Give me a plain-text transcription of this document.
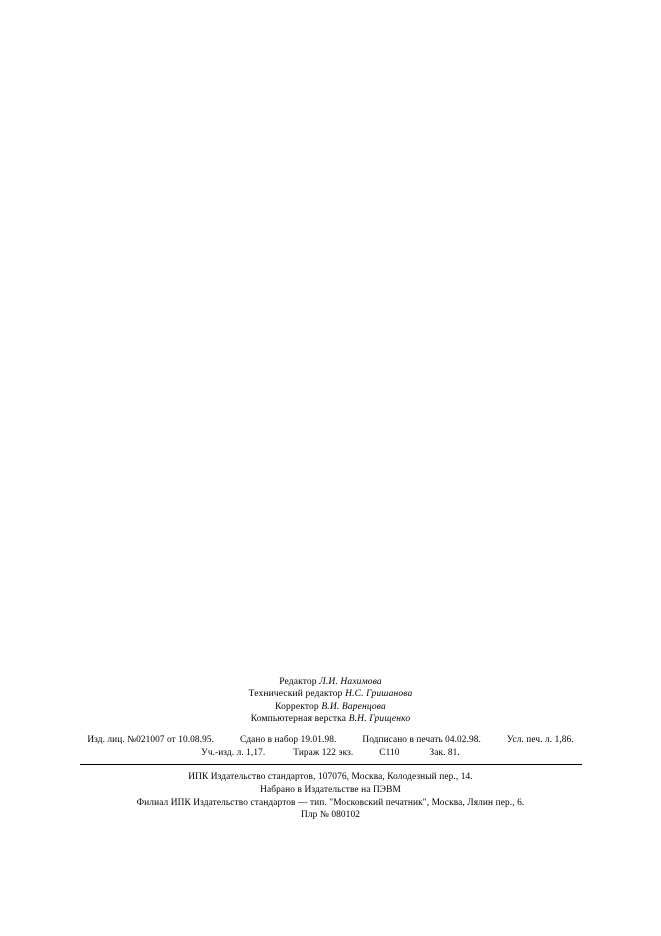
Редактор Л.И. Нахимова
Технический редактор Н.С. Гришанова
Корректор В.И. Варенцова
Компьютерная верстка В.Н. Грищенко
Изд. лиц. №021007 от 10.08.95.	Сдано в набор 19.01.98.	Подписано в печать 04.02.98.	Усл. печ. л. 1,86.
Уч.-изд. л. 1,17.	Тираж 122 экз.	С110	Зак. 81.
ИПК Издательство стандартов, 107076, Москва, Колодезный пер., 14.
Набрано в Издательстве на ПЭВМ
Филиал ИПК Издательство стандартов — тип. "Московский печатник", Москва, Лялин пер., 6.
Плр № 080102
